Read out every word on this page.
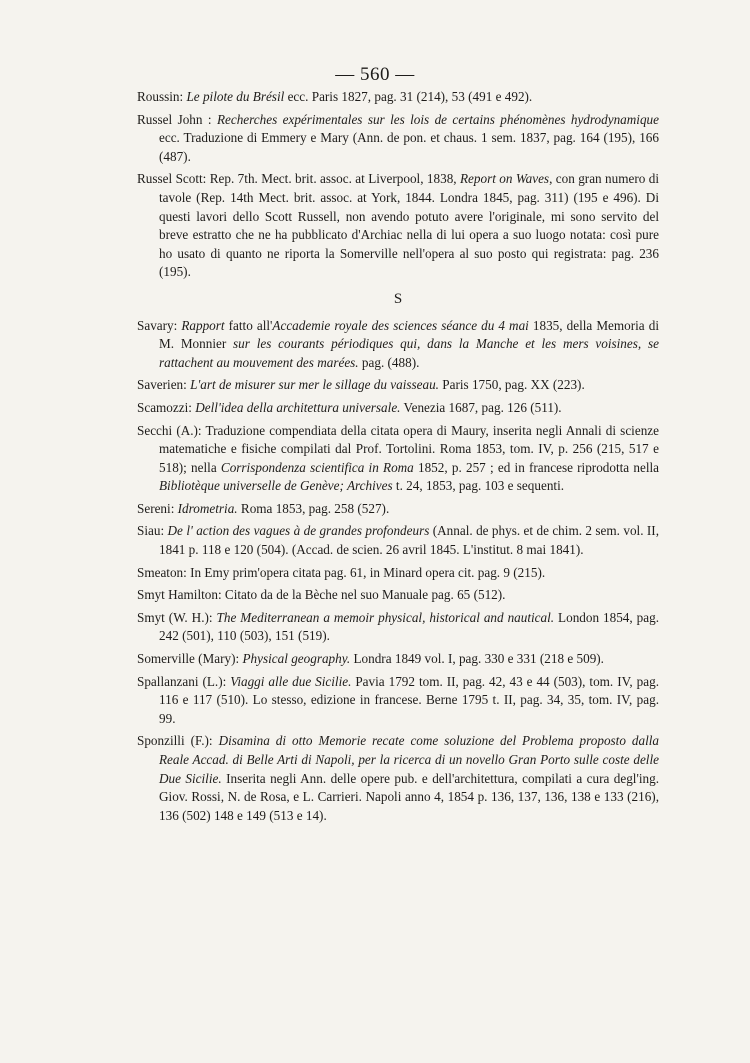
— 560 —
Roussin: Le pilote du Brésil ecc. Paris 1827, pag. 31 (214), 53 (491 e 492).
Russel John : Recherches expérimentales sur les lois de certains phénomènes hydrodynamique ecc. Traduzione di Emmery e Mary (Ann. de pon. et chaus. 1 sem. 1837, pag. 164 (195), 166 (487).
Russel Scott: Rep. 7th. Mect. brit. assoc. at Liverpool, 1838, Report on Waves, con gran numero di tavole (Rep. 14th Mect. brit. assoc. at York, 1844. Londra 1845, pag. 311) (195 e 496). Di questi lavori dello Scott Russell, non avendo potuto avere l'originale, mi sono servito del breve estratto che ne ha pubblicato d'Archiac nella di lui opera a suo luogo notata: così pure ho usato di quanto ne riporta la Somerville nell'opera al suo posto qui registrata: pag. 236 (195).
S
Savary: Rapport fatto all'Accademie royale des sciences séance du 4 mai 1835, della Memoria di M. Monnier sur les courants périodiques qui, dans la Manche et les mers voisines, se rattachent au mouvement des marées. pag. (488).
Saverien: L'art de misurer sur mer le sillage du vaisseau. Paris 1750, pag. XX (223).
Scamozzi: Dell'idea della architettura universale. Venezia 1687, pag. 126 (511).
Secchi (A.): Traduzione compendiata della citata opera di Maury, inserita negli Annali di scienze matematiche e fisiche compilati dal Prof. Tortolini. Roma 1853, tom. IV, p. 256 (215, 517 e 518); nella Corrispondenza scientifica in Roma 1852, p. 257 ; ed in francese riprodotta nella Bibliotèque universelle de Genève; Archives t. 24, 1853, pag. 103 e sequenti.
Sereni: Idrometria. Roma 1853, pag. 258 (527).
Siau: De l' action des vagues à de grandes profondeurs (Annal. de phys. et de chim. 2 sem. vol. II, 1841 p. 118 e 120 (504). (Accad. de scien. 26 avril 1845. L'institut. 8 mai 1841).
Smeaton: In Emy prim'opera citata pag. 61, in Minard opera cit. pag. 9 (215).
Smyt Hamilton: Citato da de la Bèche nel suo Manuale pag. 65 (512).
Smyt (W. H.): The Mediterranean a memoir physical, historical and nautical. London 1854, pag. 242 (501), 110 (503), 151 (519).
Somerville (Mary): Physical geography. Londra 1849 vol. I, pag. 330 e 331 (218 e 509).
Spallanzani (L.): Viaggi alle due Sicilie. Pavia 1792 tom. II, pag. 42, 43 e 44 (503), tom. IV, pag. 116 e 117 (510). Lo stesso, edizione in francese. Berne 1795 t. II, pag. 34, 35, tom. IV, pag. 99.
Sponzilli (F.): Disamina di otto Memorie recate come soluzione del Problema proposto dalla Reale Accad. di Belle Arti di Napoli, per la ricerca di un novello Gran Porto sulle coste delle Due Sicilie. Inserita negli Ann. delle opere pub. e dell'architettura, compilati a cura degl'ing. Giov. Rossi, N. de Rosa, e L. Carrieri. Napoli anno 4, 1854 p. 136, 137, 136, 138 e 133 (216), 136 (502) 148 e 149 (513 e 14).
